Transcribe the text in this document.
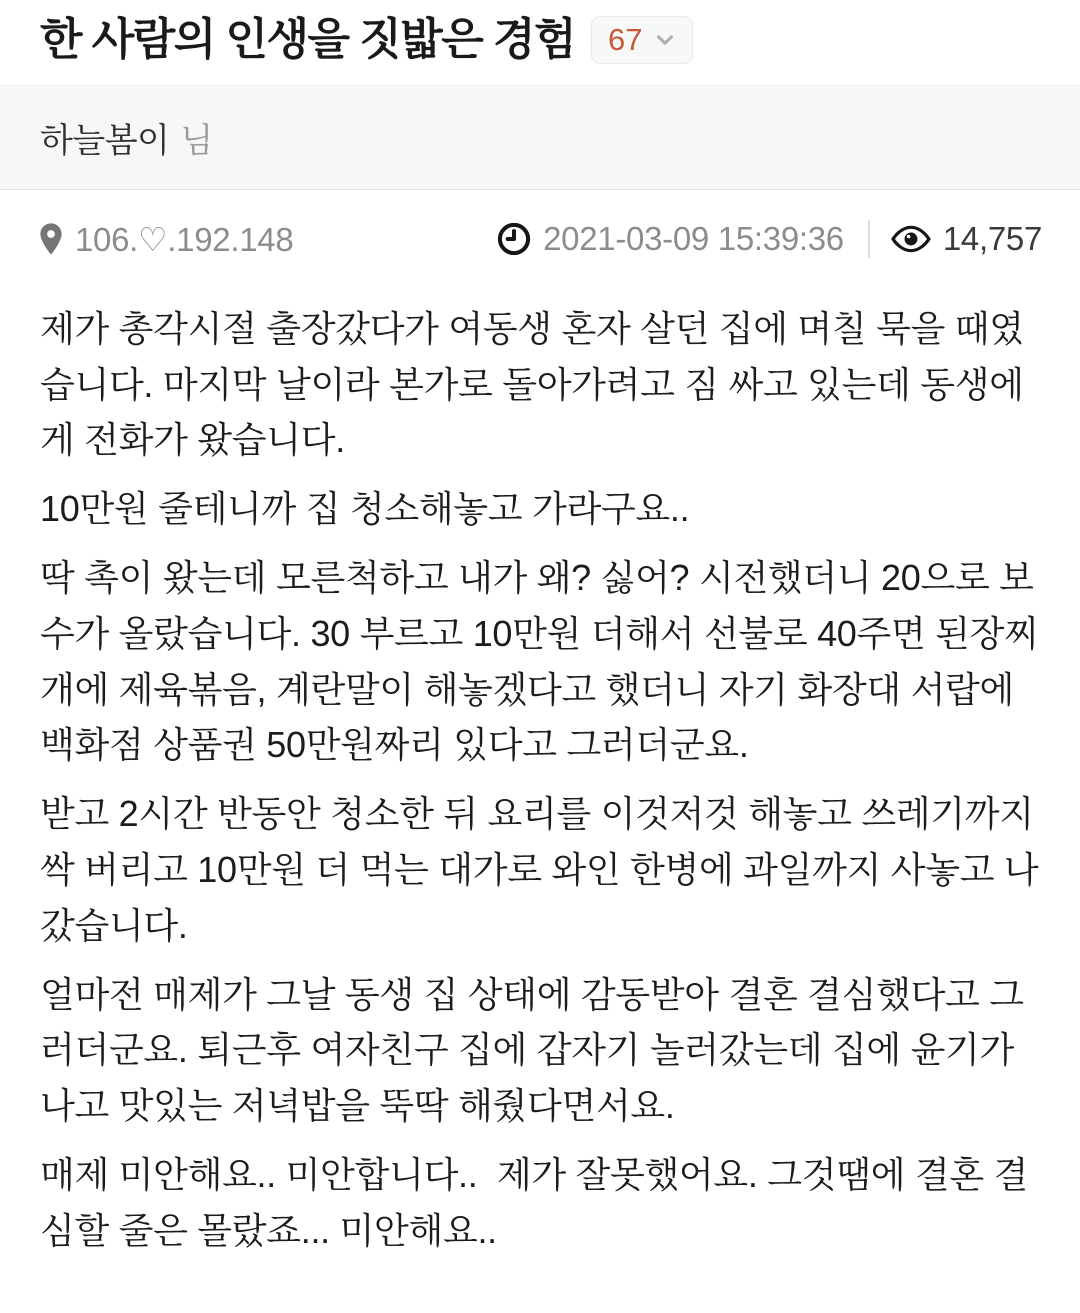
한 사람의 인생을 짓밟은 경험 67
하늘봄이 님
106.♡.192.148	2021-03-09 15:39:36	14,757

제가 총각시절 출장갔다가 여동생 혼자 살던 집에 며칠 묵을 때였습니다. 마지막 날이라 본가로 돌아가려고 짐 싸고 있는데 동생에게 전화가 왔습니다.

10만원 줄테니까 집 청소해놓고 가라구요..

딱 촉이 왔는데 모른척하고 내가 왜? 싫어? 시전했더니 20으로 보수가 올랐습니다. 30 부르고 10만원 더해서 선불로 40주면 된장찌개에 제육볶음, 계란말이 해놓겠다고 했더니 자기 화장대 서랍에 백화점 상품권 50만원짜리 있다고 그러더군요.

받고 2시간 반동안 청소한 뒤 요리를 이것저것 해놓고 쓰레기까지 싹 버리고 10만원 더 먹는 대가로 와인 한병에 과일까지 사놓고 나갔습니다.

얼마전 매제가 그날 동생 집 상태에 감동받아 결혼 결심했다고 그러더군요. 퇴근후 여자친구 집에 갑자기 놀러갔는데 집에 윤기가 나고 맛있는 저녁밥을 뚝딱 해줬다면서요.

매제 미안해요.. 미안합니다..  제가 잘못했어요. 그것땜에 결혼 결심할 줄은 몰랐죠... 미안해요..
